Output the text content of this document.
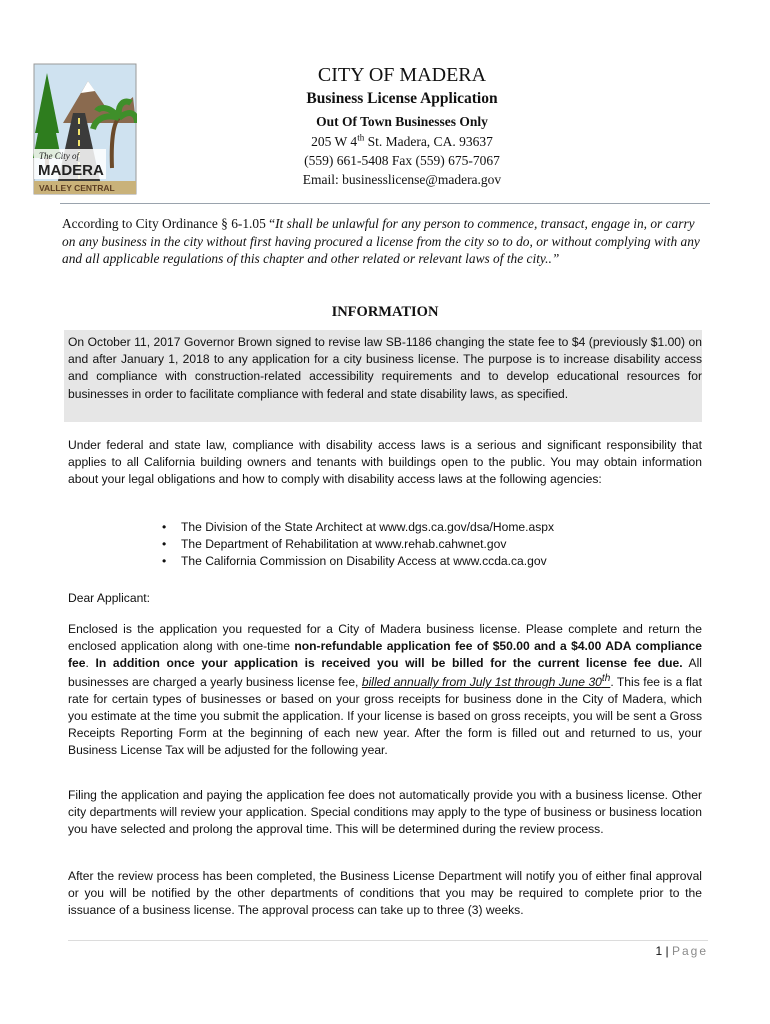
The City of
MADERA
VALLEY CENTRAL
CITY OF MADERA
Business License Application
Out Of Town Businesses Only
205 W 4th St. Madera, CA. 93637
(559) 661-5408 Fax (559) 675-7067
Email: businesslicense@madera.gov
According to City Ordinance § 6-1.05 “It shall be unlawful for any person to commence, transact, engage in, or carry on any business in the city without first having procured a license from the city so to do, or without complying with any and all applicable regulations of this chapter and other related or relevant laws of the city..”
INFORMATION
On October 11, 2017 Governor Brown signed to revise law SB-1186 changing the state fee to $4 (previously $1.00) on and after January 1, 2018 to any application for a city business license. The purpose is to increase disability access and compliance with construction-related accessibility requirements and to develop educational resources for businesses in order to facilitate compliance with federal and state disability laws, as specified.
Under federal and state law, compliance with disability access laws is a serious and significant responsibility that applies to all California building owners and tenants with buildings open to the public. You may obtain information about your legal obligations and how to comply with disability access laws at the following agencies:
• The Division of the State Architect at www.dgs.ca.gov/dsa/Home.aspx
• The Department of Rehabilitation at www.rehab.cahwnet.gov
• The California Commission on Disability Access at www.ccda.ca.gov
Dear Applicant:
Enclosed is the application you requested for a City of Madera business license. Please complete and return the enclosed application along with one-time non-refundable application fee of $50.00 and a $4.00 ADA compliance fee. In addition once your application is received you will be billed for the current license fee due. All businesses are charged a yearly business license fee, billed annually from July 1st through June 30th. This fee is a flat rate for certain types of businesses or based on your gross receipts for business done in the City of Madera, which you estimate at the time you submit the application. If your license is based on gross receipts, you will be sent a Gross Receipts Reporting Form at the beginning of each new year. After the form is filled out and returned to us, your Business License Tax will be adjusted for the following year.
Filing the application and paying the application fee does not automatically provide you with a business license. Other city departments will review your application. Special conditions may apply to the type of business or business location you have selected and prolong the approval time. This will be determined during the review process.
After the review process has been completed, the Business License Department will notify you of either final approval or you will be notified by the other departments of conditions that you may be required to complete prior to the issuance of a business license. The approval process can take up to three (3) weeks.
1 | Page
